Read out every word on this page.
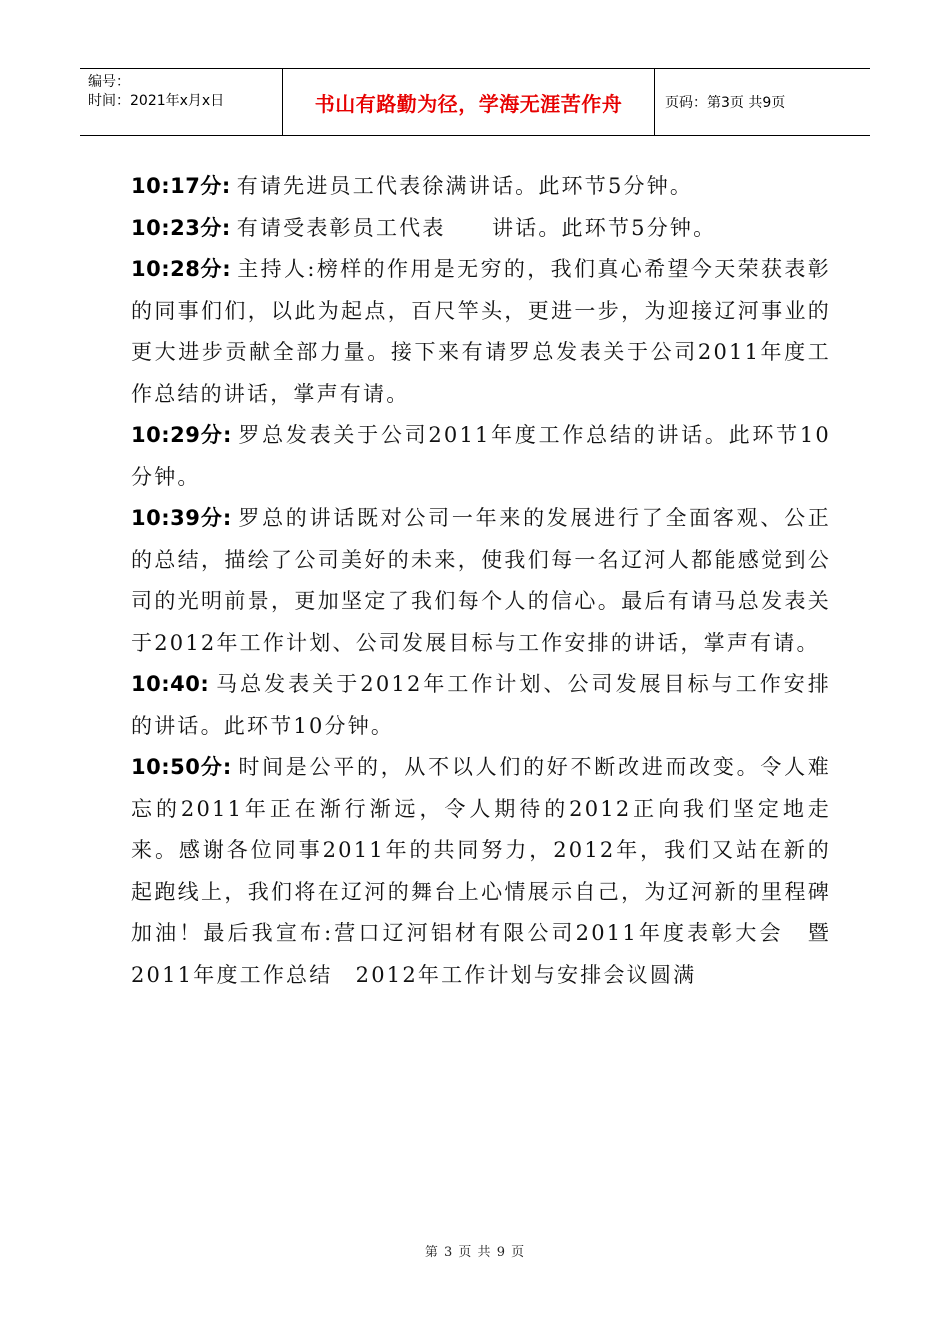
编号：
时间：2021年x月x日	书山有路勤为径，学海无涯苦作舟	页码：第3页 共9页

10:17分: 有请先进员工代表徐满讲话。此环节5分钟。

10:23分: 有请受表彰员工代表　　讲话。此环节5分钟。

10:28分: 主持人:榜样的作用是无穷的，我们真心希望今天荣获表彰的同事们们，以此为起点，百尺竿头，更进一步，为迎接辽河事业的更大进步贡献全部力量。接下来有请罗总发表关于公司2011年度工作总结的讲话，掌声有请。

10:29分: 罗总发表关于公司2011年度工作总结的讲话。此环节10分钟。

10:39分: 罗总的讲话既对公司一年来的发展进行了全面客观、公正的总结，描绘了公司美好的未来，使我们每一名辽河人都能感觉到公司的光明前景，更加坚定了我们每个人的信心。最后有请马总发表关于2012年工作计划、公司发展目标与工作安排的讲话，掌声有请。

10:40: 马总发表关于2012年工作计划、公司发展目标与工作安排的讲话。此环节10分钟。

10:50分: 时间是公平的，从不以人们的好不断改进而改变。令人难忘的2011年正在渐行渐远，令人期待的2012正向我们坚定地走来。感谢各位同事2011年的共同努力，2012年，我们又站在新的起跑线上，我们将在辽河的舞台上心情展示自己，为辽河新的里程碑加油！最后我宣布:营口辽河铝材有限公司2011年度表彰大会　暨 2011年度工作总结　2012年工作计划与安排会议圆满

第 3 页 共 9 页
